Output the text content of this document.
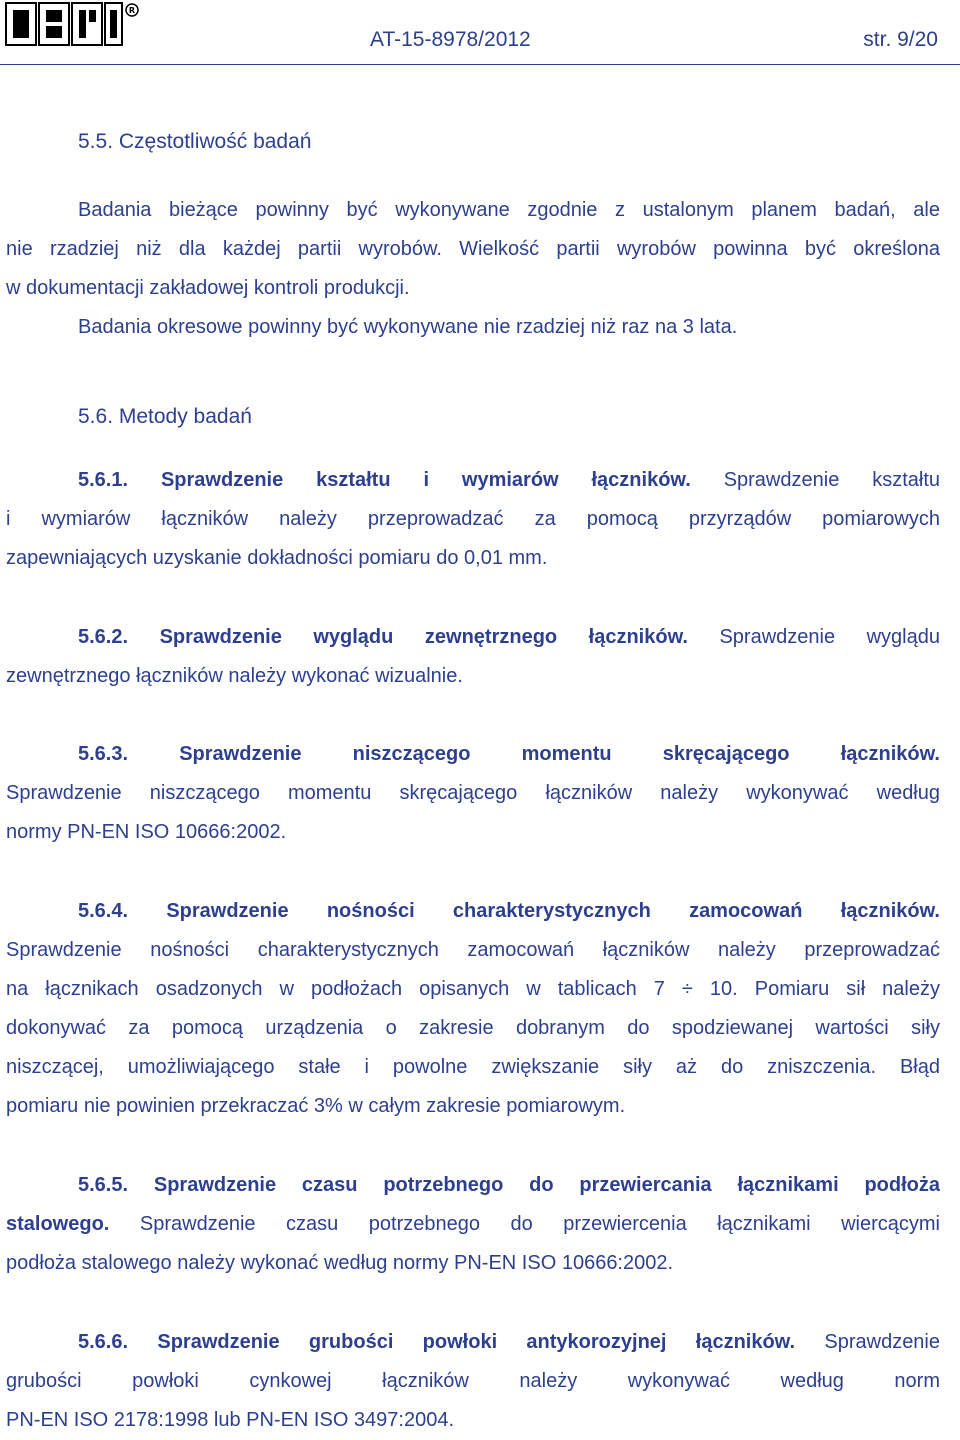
R
AT-15-8978/2012	str. 9/20
5.5. Częstotliwość badań
Badania bieżące powinny być wykonywane zgodnie z ustalonym planem badań, ale
nie rzadziej niż dla każdej partii wyrobów. Wielkość partii wyrobów powinna być określona
w dokumentacji zakładowej kontroli produkcji.
Badania okresowe powinny być wykonywane nie rzadziej niż raz na 3 lata.
5.6. Metody badań
5.6.1. Sprawdzenie kształtu i wymiarów łączników. Sprawdzenie kształtu
i wymiarów łączników należy przeprowadzać za pomocą przyrządów pomiarowych
zapewniających uzyskanie dokładności pomiaru do 0,01 mm.
5.6.2. Sprawdzenie wyglądu zewnętrznego łączników. Sprawdzenie wyglądu
zewnętrznego łączników należy wykonać wizualnie.
5.6.3.	Sprawdzenie	niszczącego	momentu	skręcającego	łączników.
Sprawdzenie niszczącego momentu skręcającego łączników należy wykonywać według
normy PN-EN ISO 10666:2002.
5.6.4. Sprawdzenie nośności charakterystycznych zamocowań łączników.
Sprawdzenie nośności charakterystycznych zamocowań łączników należy przeprowadzać
na łącznikach osadzonych w podłożach opisanych w tablicach 7 ÷ 10. Pomiaru sił należy
dokonywać za pomocą urządzenia o zakresie dobranym do spodziewanej wartości siły
niszczącej, umożliwiającego stałe i powolne zwiększanie siły aż do zniszczenia. Błąd
pomiaru nie powinien przekraczać 3% w całym zakresie pomiarowym.
5.6.5. Sprawdzenie czasu potrzebnego do przewiercania łącznikami podłoża
stalowego. Sprawdzenie czasu potrzebnego do przewiercenia łącznikami wiercącymi
podłoża stalowego należy wykonać według normy PN-EN ISO 10666:2002.
5.6.6. Sprawdzenie grubości powłoki antykorozyjnej łączników. Sprawdzenie
grubości powłoki cynkowej łączników należy wykonywać według norm
PN-EN ISO 2178:1998 lub PN-EN ISO 3497:2004.
